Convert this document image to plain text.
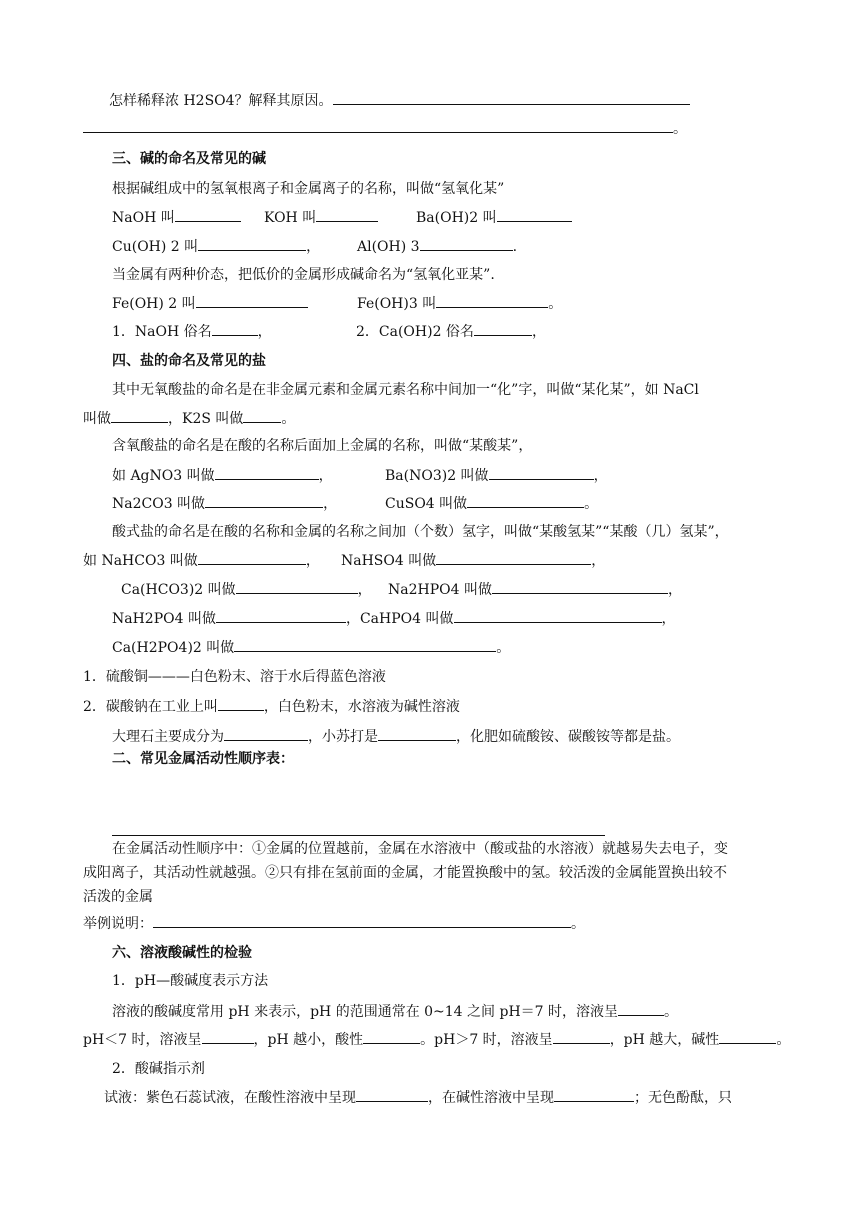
怎样稀释浓 H2SO4？解释其原因。
。
三、碱的命名及常见的碱
根据碱组成中的氢氧根离子和金属离子的名称，叫做“氢氧化某”
NaOH 叫	KOH 叫	Ba(OH)2 叫
Cu(OH) 2 叫	，	Al(OH) 3	.
当金属有两种价态，把低价的金属形成碱命名为“氢氧化亚某”.
Fe(OH) 2 叫	Fe(OH)3 叫	。
1．NaOH 俗名	，	2．Ca(OH)2 俗名	，
四、盐的命名及常见的盐
其中无氧酸盐的命名是在非金属元素和金属元素名称中间加一“化”字，叫做“某化某”，如 NaCl
叫做	，K2S 叫做	。
含氧酸盐的命名是在酸的名称后面加上金属的名称，叫做“某酸某”，
如 AgNO3 叫做	，	Ba(NO3)2 叫做	，
Na2CO3 叫做	，	CuSO4 叫做	。
酸式盐的命名是在酸的名称和金属的名称之间加（个数）氢字，叫做“某酸氢某”“某酸（几）氢某”，
如 NaHCO3 叫做	， NaHSO4 叫做	，
Ca(HCO3)2 叫做	， Na2HPO4 叫做	，
NaH2PO4 叫做	，CaHPO4 叫做	，
Ca(H2PO4)2 叫做	。
1．硫酸铜———白色粉末、溶于水后得蓝色溶液
2．碳酸钠在工业上叫	，白色粉末，水溶液为碱性溶液
大理石主要成分为	，小苏打是	，化肥如硫酸铵、碳酸铵等都是盐。
二、常见金属活动性顺序表：
在金属活动性顺序中：①金属的位置越前，金属在水溶液中（酸或盐的水溶液）就越易失去电子，变
成阳离子，其活动性就越强。②只有排在氢前面的金属，才能置换酸中的氢。较活泼的金属能置换出较不
活泼的金属
举例说明：	。
六、溶液酸碱性的检验
1．pH—酸碱度表示方法
溶液的酸碱度常用 pH 来表示，pH 的范围通常在 0~14 之间 pH＝7 时，溶液呈	。
pH＜7 时，溶液呈	，pH 越小，酸性	。pH＞7 时，溶液呈	，pH 越大，碱性	。
2．酸碱指示剂
试液：紫色石蕊试液，在酸性溶液中呈现	，在碱性溶液中呈现	；无色酚酞，只
